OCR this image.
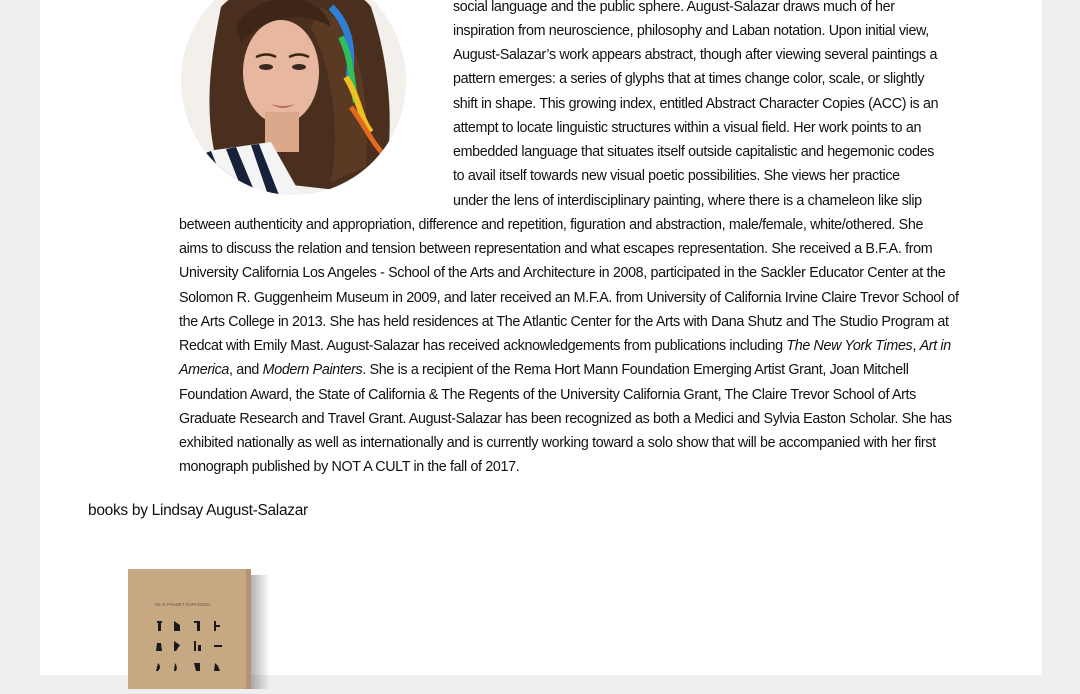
social language and the public sphere. August-Salazar draws much of her
inspiration from neuroscience, philosophy and Laban notation. Upon initial view,
August-Salazar’s work appears abstract, though after viewing several paintings a
pattern emerges: a series of glyphs that at times change color, scale, or slightly
shift in shape. This growing index, entitled Abstract Character Copies (ACC) is an
attempt to locate linguistic structures within a visual field. Her work points to an
embedded language that situates itself outside capitalistic and hegemonic codes
to avail itself towards new visual poetic possibilities. She views her practice
under the lens of interdisciplinary painting, where there is a chameleon like slip
between authenticity and appropriation, difference and repetition, figuration and abstraction, male/female, white/othered. She
aims to discuss the relation and tension between representation and what escapes representation. She received a B.F.A. from
University California Los Angeles - School of the Arts and Architecture in 2008, participated in the Sackler Educator Center at the
Solomon R. Guggenheim Museum in 2009, and later received an M.F.A. from University of California Irvine Claire Trevor School of
the Arts College in 2013. She has held residences at The Atlantic Center for the Arts with Dana Shutz and The Studio Program at
Redcat with Emily Mast. August-Salazar has received acknowledgements from publications including The New York Times, Art in
America, and Modern Painters. She is a recipient of the Rema Hort Mann Foundation Emerging Artist Grant, Joan Mitchell
Foundation Award, the State of California & The Regents of the University California Grant, The Claire Trevor School of Arts
Graduate Research and Travel Grant. August-Salazar has been recognized as both a Medici and Sylvia Easton Scholar. She has
exhibited nationally as well as internationally and is currently working toward a solo show that will be accompanied with her first
monograph published by NOT A CULT in the fall of 2017.
books by Lindsay August-Salazar
AN ALPHABET EXPANDED
